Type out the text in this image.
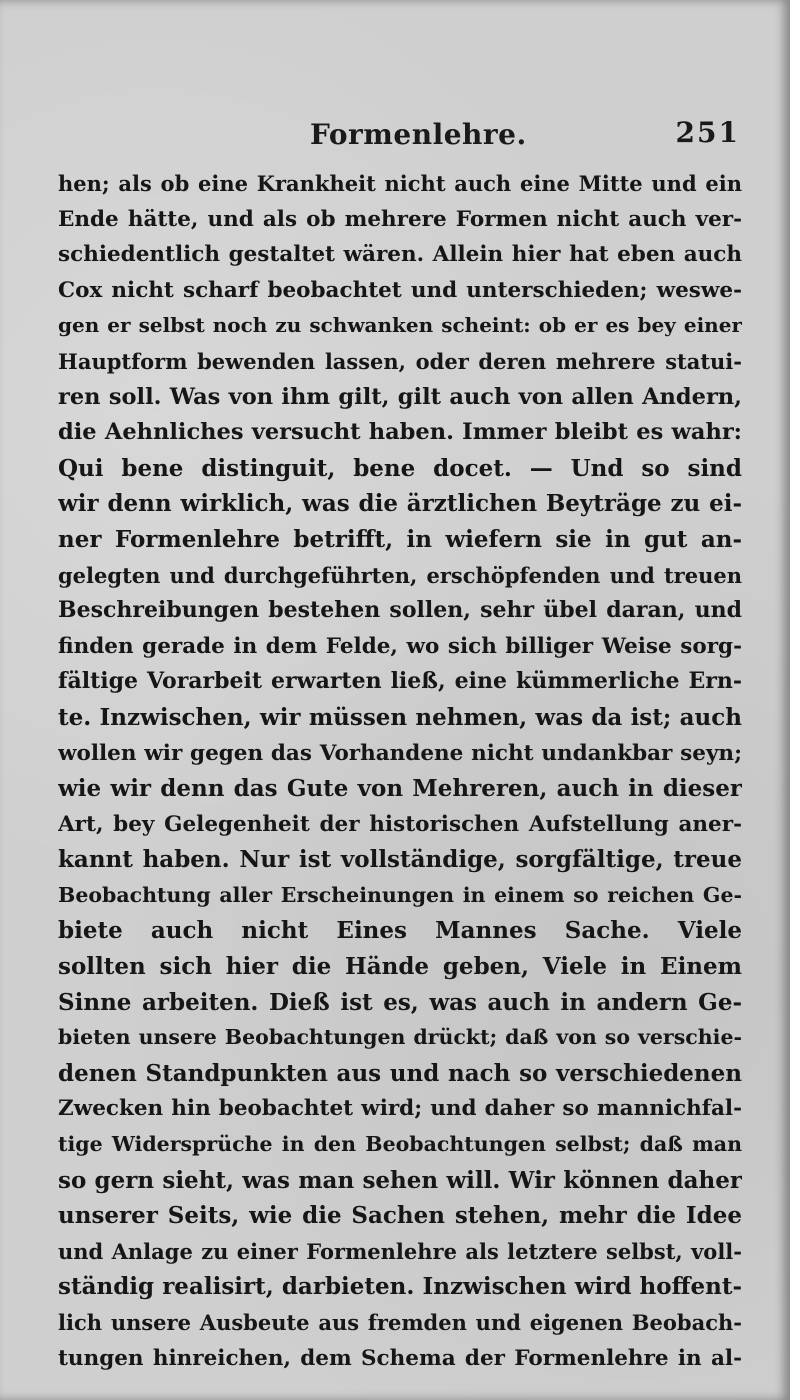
Formenlehre.	251
hen; als ob eine Krankheit nicht auch eine Mitte und ein
Ende hätte, und als ob mehrere Formen nicht auch ver-
schiedentlich gestaltet wären. Allein hier hat eben auch
Cox nicht scharf beobachtet und unterschieden; weswe-
gen er selbst noch zu schwanken scheint: ob er es bey einer
Hauptform bewenden lassen, oder deren mehrere statui-
ren soll. Was von ihm gilt, gilt auch von allen Andern,
die Aehnliches versucht haben. Immer bleibt es wahr:
Qui bene distinguit, bene docet. — Und so sind
wir denn wirklich, was die ärztlichen Beyträge zu ei-
ner Formenlehre betrifft, in wiefern sie in gut an-
gelegten und durchgeführten, erschöpfenden und treuen
Beschreibungen bestehen sollen, sehr übel daran, und
finden gerade in dem Felde, wo sich billiger Weise sorg-
fältige Vorarbeit erwarten ließ, eine kümmerliche Ern-
te. Inzwischen, wir müssen nehmen, was da ist; auch
wollen wir gegen das Vorhandene nicht undankbar seyn;
wie wir denn das Gute von Mehreren, auch in dieser
Art, bey Gelegenheit der historischen Aufstellung aner-
kannt haben. Nur ist vollständige, sorgfältige, treue
Beobachtung aller Erscheinungen in einem so reichen Ge-
biete auch nicht Eines Mannes Sache. Viele
sollten sich hier die Hände geben, Viele in Einem
Sinne arbeiten. Dieß ist es, was auch in andern Ge-
bieten unsere Beobachtungen drückt; daß von so verschie-
denen Standpunkten aus und nach so verschiedenen
Zwecken hin beobachtet wird; und daher so mannichfal-
tige Widersprüche in den Beobachtungen selbst; daß man
so gern sieht, was man sehen will. Wir können daher
unserer Seits, wie die Sachen stehen, mehr die Idee
und Anlage zu einer Formenlehre als letztere selbst, voll-
ständig realisirt, darbieten. Inzwischen wird hoffent-
lich unsere Ausbeute aus fremden und eigenen Beobach-
tungen hinreichen, dem Schema der Formenlehre in al-
